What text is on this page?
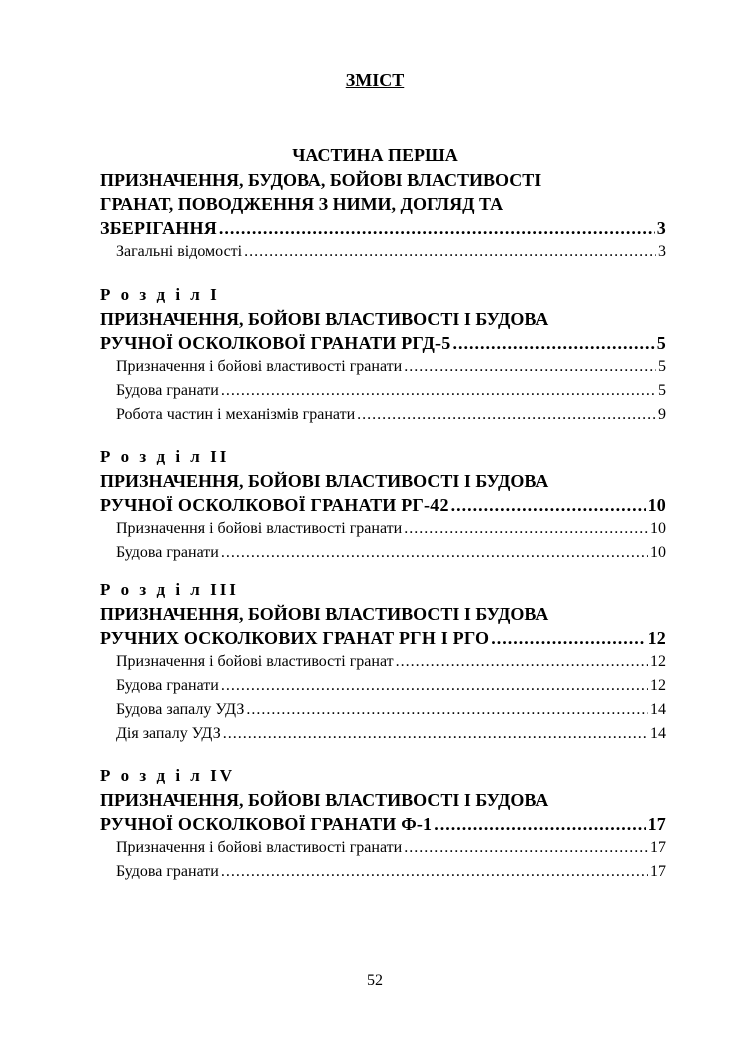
ЗМІСТ
ЧАСТИНА ПЕРША
ПРИЗНАЧЕННЯ, БУДОВА, БОЙОВІ ВЛАСТИВОСТІ
ГРАНАТ, ПОВОДЖЕННЯ З НИМИ, ДОГЛЯД ТА
ЗБЕРІГАННЯ .....	3
Загальні відомості .....	3
Р о з д і л І
ПРИЗНАЧЕННЯ, БОЙОВІ ВЛАСТИВОСТІ І БУДОВА
РУЧНОЇ ОСКОЛКОВОЇ ГРАНАТИ РГД-5 .....	5
Призначення і бойові властивості гранати .....	5
Будова гранати .....	5
Робота частин і механізмів гранати .....	9
Р о з д і л ІІ
ПРИЗНАЧЕННЯ, БОЙОВІ ВЛАСТИВОСТІ І БУДОВА
РУЧНОЇ ОСКОЛКОВОЇ ГРАНАТИ РГ-42 .....	10
Призначення і бойові властивості гранати .....	10
Будова гранати .....	10
Р о з д і л ІІІ
ПРИЗНАЧЕННЯ, БОЙОВІ ВЛАСТИВОСТІ І БУДОВА
РУЧНИХ ОСКОЛКОВИХ ГРАНАТ РГН І РГО .....	12
Призначення і бойові властивості гранат .....	12
Будова гранати .....	12
Будова запалу УДЗ .....	14
Дія запалу УДЗ .....	14
Р о з д і л ІV
ПРИЗНАЧЕННЯ, БОЙОВІ ВЛАСТИВОСТІ І БУДОВА
РУЧНОЇ ОСКОЛКОВОЇ ГРАНАТИ Ф-1 .....	17
Призначення і бойові властивості гранати .....	17
Будова гранати .....	17
52
